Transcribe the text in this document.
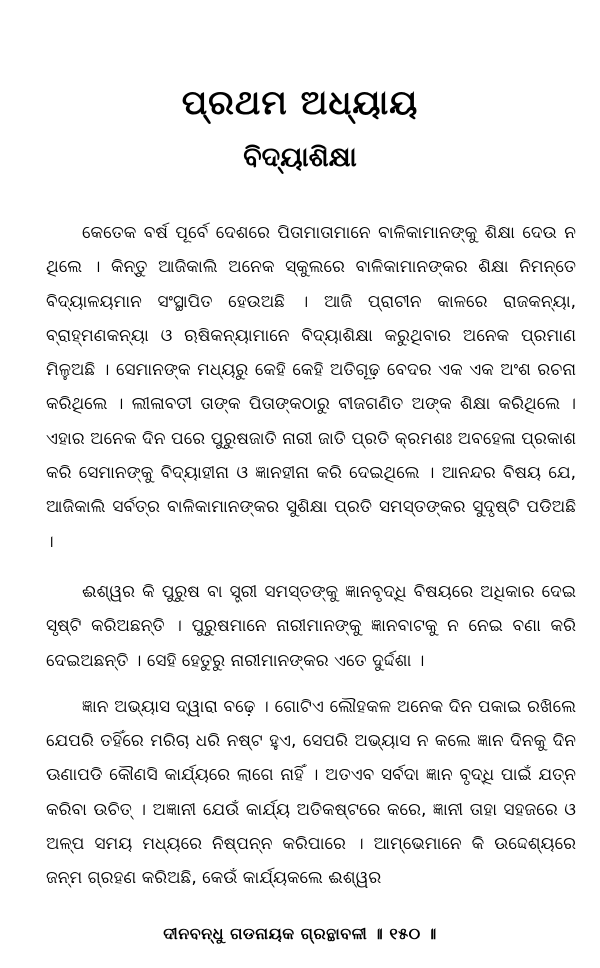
ପ୍ରଥମ ଅଧ୍ୟାୟ
ବିଦ୍ୟାଶିକ୍ଷା

କେତେକ ବର୍ଷ ପୂର୍ବେ ଦେଶରେ ପିତାମାତାମାନେ ବାଳିକାମାନଙ୍କୁ ଶିକ୍ଷା ଦେଉ ନ ଥିଲେ । କିନ୍ତୁ ଆଜିକାଲି ଅନେକ ସ୍କୁଲରେ ବାଳିକାମାନଙ୍କର ଶିକ୍ଷା ନିମନ୍ତେ ବିଦ୍ୟାଳୟମାନ ସଂସ୍ଥାପିତ ହେଉଅଛି । ଆଜି ପ୍ରାଚୀନ କାଳରେ ରାଜକନ୍ୟା, ବ୍ରାହ୍ମଣକନ୍ୟା ଓ ଋଷିକନ୍ୟାମାନେ ବିଦ୍ୟାଶିକ୍ଷା କରୁଥିବାର ଅନେକ ପ୍ରମାଣ ମିଳୁଅଛି । ସେମାନଙ୍କ ମଧ୍ୟରୁ କେହି କେହି ଅତିଗୂଢ଼ ବେଦର ଏକ ଏକ ଅଂଶ ରଚନା କରିଥିଲେ । ଲୀଳାବତୀ ତାଙ୍କ ପିତାଙ୍କଠାରୁ ବୀଜଗଣିତ ଅଙ୍କ ଶିକ୍ଷା କରିଥିଲେ । ଏହାର ଅନେକ ଦିନ ପରେ ପୁରୁଷଜାତି ନାରୀ ଜାତି ପ୍ରତି କ୍ରମଶଃ ଅବହେଳା ପ୍ରକାଶ କରି ସେମାନଙ୍କୁ ବିଦ୍ୟାହୀନା ଓ ଜ୍ଞାନହୀନା କରି ଦେଇଥିଲେ । ଆନନ୍ଦର ବିଷୟ ଯେ, ଆଜିକାଲି ସର୍ବତ୍ର ବାଳିକାମାନଙ୍କର ସୁଶିକ୍ଷା ପ୍ରତି ସମସ୍ତଙ୍କର ସୁଦୃଷ୍ଟି ପଡିଅଛି ।

ଈଶ୍ୱର କି ପୁରୁଷ ବା ସ୍ତ୍ରୀ ସମସ୍ତଙ୍କୁ ଜ୍ଞାନବୃଦ୍ଧି ବିଷୟରେ ଅଧିକାର ଦେଇ ସୃଷ୍ଟି କରିଅଛନ୍ତି । ପୁରୁଷମାନେ ନାରୀମାନଙ୍କୁ ଜ୍ଞାନବାଟକୁ ନ ନେଇ ବଣା କରି ଦେଇଅଛନ୍ତି । ସେହି ହେତୁରୁ ନାରୀମାନଙ୍କର ଏତେ ଦୁର୍ଦ୍ଦଶା ।

ଜ୍ଞାନ ଅଭ୍ୟାସ ଦ୍ୱାରା ବଢ଼େ । ଗୋଟିଏ ଲୌହକଳ ଅନେକ ଦିନ ପକାଇ ରଖିଲେ ଯେପରି ତହିଁରେ ମରିଚା ଧରି ନଷ୍ଟ ହୁଏ, ସେପରି ଅଭ୍ୟାସ ନ କଲେ ଜ୍ଞାନ ଦିନକୁ ଦିନ ଊଣାପଡି କୌଣସି କାର୍ଯ୍ୟରେ ଲାଗେ ନାହିଁ । ଅତଏବ ସର୍ବଦା ଜ୍ଞାନ ବୃଦ୍ଧି ପାଇଁ ଯତ୍ନ କରିବା ଉଚିତ୍ । ଅଜ୍ଞାନୀ ଯେଉଁ କାର୍ଯ୍ୟ ଅତିକଷ୍ଟରେ କରେ, ଜ୍ଞାନୀ ତାହା ସହଜରେ ଓ ଅଳ୍ପ ସମୟ ମଧ୍ୟରେ ନିଷ୍ପନ୍ନ କରିପାରେ । ଆମ୍ଭେମାନେ କି ଉଦ୍ଦେଶ୍ୟରେ ଜନ୍ମ ଗ୍ରହଣ କରିଅଛି, କେଉଁ କାର୍ଯ୍ୟକଲେ ଈଶ୍ୱର

ଦୀନବନ୍ଧୁ ଗଡନାୟକ ଗ୍ରନ୍ଥାବଳୀ ॥ ୧୫୦ ॥
